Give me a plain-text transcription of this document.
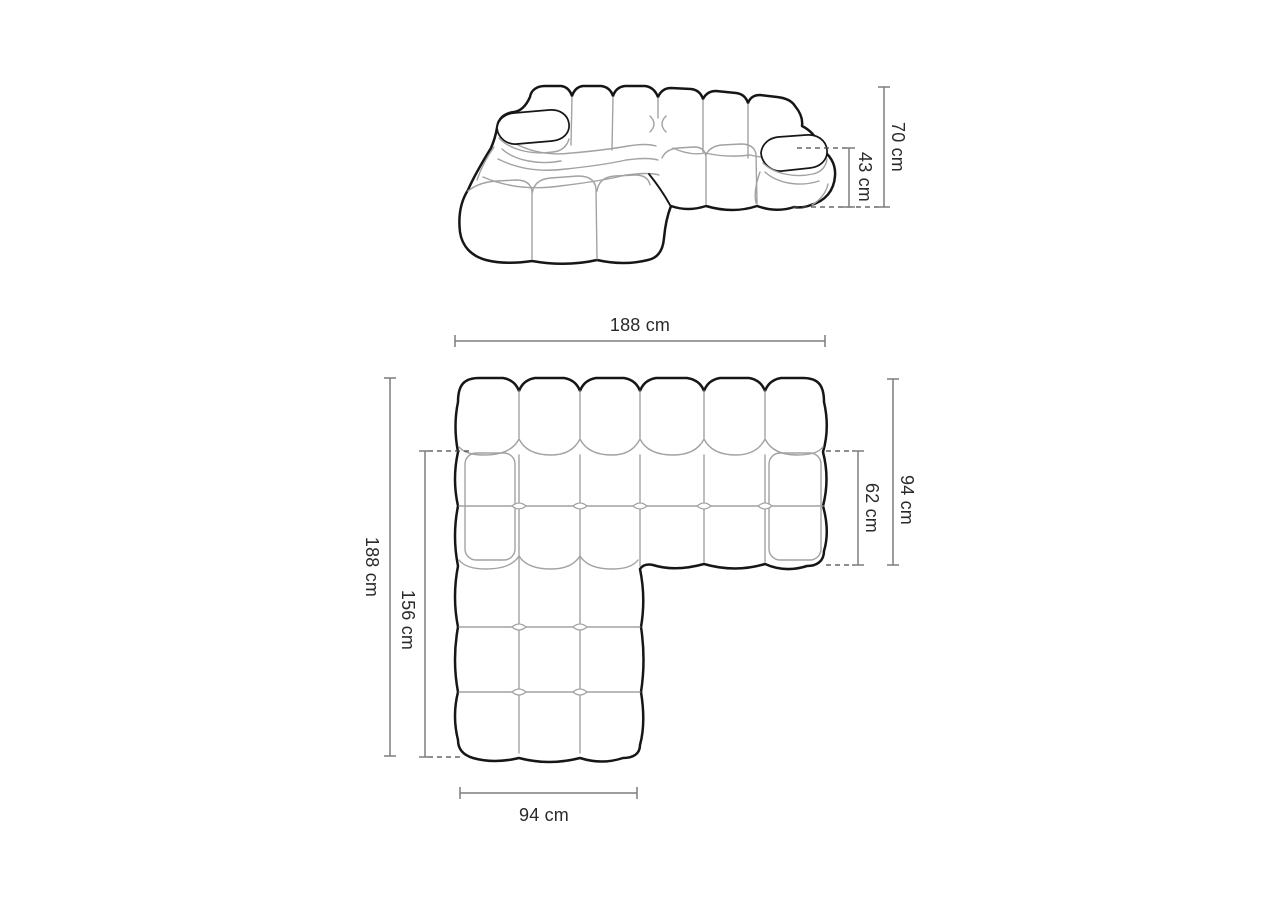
43 cm
70 cm
188 cm
188 cm
156 cm
94 cm
62 cm
94 cm
